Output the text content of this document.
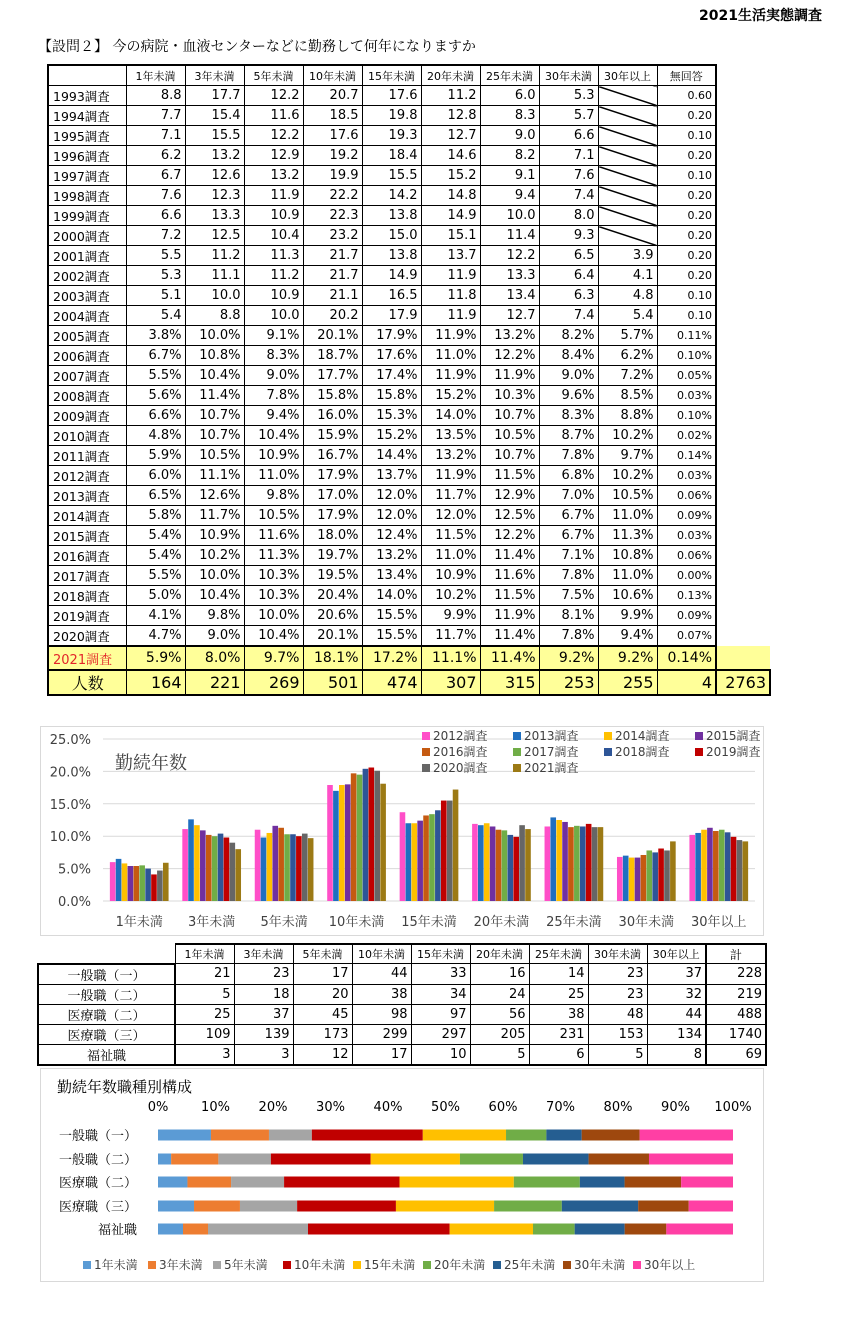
2021生活実態調査
【設問２】 今の病院・血液センターなどに勤務して何年になりますか
	1年未満	3年未満	5年未満	10年未満	15年未満	20年未満	25年未満	30年未満	30年以上	無回答	
1993調査	8.8	17.7	12.2	20.7	17.6	11.2	6.0	5.3		0.60	
1994調査	7.7	15.4	11.6	18.5	19.8	12.8	8.3	5.7		0.20	
1995調査	7.1	15.5	12.2	17.6	19.3	12.7	9.0	6.6		0.10	
1996調査	6.2	13.2	12.9	19.2	18.4	14.6	8.2	7.1		0.20	
1997調査	6.7	12.6	13.2	19.9	15.5	15.2	9.1	7.6		0.10	
1998調査	7.6	12.3	11.9	22.2	14.2	14.8	9.4	7.4		0.20	
1999調査	6.6	13.3	10.9	22.3	13.8	14.9	10.0	8.0		0.20	
2000調査	7.2	12.5	10.4	23.2	15.0	15.1	11.4	9.3		0.20	
2001調査	5.5	11.2	11.3	21.7	13.8	13.7	12.2	6.5	3.9	0.20	
2002調査	5.3	11.1	11.2	21.7	14.9	11.9	13.3	6.4	4.1	0.20	
2003調査	5.1	10.0	10.9	21.1	16.5	11.8	13.4	6.3	4.8	0.10	
2004調査	5.4	8.8	10.0	20.2	17.9	11.9	12.7	7.4	5.4	0.10	
2005調査	3.8%	10.0%	9.1%	20.1%	17.9%	11.9%	13.2%	8.2%	5.7%	0.11%	
2006調査	6.7%	10.8%	8.3%	18.7%	17.6%	11.0%	12.2%	8.4%	6.2%	0.10%	
2007調査	5.5%	10.4%	9.0%	17.7%	17.4%	11.9%	11.9%	9.0%	7.2%	0.05%	
2008調査	5.6%	11.4%	7.8%	15.8%	15.8%	15.2%	10.3%	9.6%	8.5%	0.03%	
2009調査	6.6%	10.7%	9.4%	16.0%	15.3%	14.0%	10.7%	8.3%	8.8%	0.10%	
2010調査	4.8%	10.7%	10.4%	15.9%	15.2%	13.5%	10.5%	8.7%	10.2%	0.02%	
2011調査	5.9%	10.5%	10.9%	16.7%	14.4%	13.2%	10.7%	7.8%	9.7%	0.14%	
2012調査	6.0%	11.1%	11.0%	17.9%	13.7%	11.9%	11.5%	6.8%	10.2%	0.03%	
2013調査	6.5%	12.6%	9.8%	17.0%	12.0%	11.7%	12.9%	7.0%	10.5%	0.06%	
2014調査	5.8%	11.7%	10.5%	17.9%	12.0%	12.0%	12.5%	6.7%	11.0%	0.09%	
2015調査	5.4%	10.9%	11.6%	18.0%	12.4%	11.5%	12.2%	6.7%	11.3%	0.03%	
2016調査	5.4%	10.2%	11.3%	19.7%	13.2%	11.0%	11.4%	7.1%	10.8%	0.06%	
2017調査	5.5%	10.0%	10.3%	19.5%	13.4%	10.9%	11.6%	7.8%	11.0%	0.00%	
2018調査	5.0%	10.4%	10.3%	20.4%	14.0%	10.2%	11.5%	7.5%	10.6%	0.13%	
2019調査	4.1%	9.8%	10.0%	20.6%	15.5%	9.9%	11.9%	8.1%	9.9%	0.09%	
2020調査	4.7%	9.0%	10.4%	20.1%	15.5%	11.7%	11.4%	7.8%	9.4%	0.07%	
2021調査	5.9%	8.0%	9.7%	18.1%	17.2%	11.1%	11.4%	9.2%	9.2%	0.14%	
人数	164	221	269	501	474	307	315	253	255	4	2763
0.0%
5.0%
10.0%
15.0%
20.0%
25.0%
1年未満 3年未満 5年未満 10年未満 15年未満 20年未満 25年未満 30年未満 30年以上
勤続年数
2012調査	2013調査	2014調査	2015調査
2016調査	2017調査	2018調査	2019調査
2020調査	2021調査
	1年未満	3年未満	5年未満	10年未満	15年未満	20年未満	25年未満	30年未満	30年以上	計
一般職（一）	21	23	17	44	33	16	14	23	37	228
一般職（二）	5	18	20	38	34	24	25	23	32	219
医療職（二）	25	37	45	98	97	56	38	48	44	488
医療職（三）	109	139	173	299	297	205	231	153	134	1740
福祉職	3	3	12	17	10	5	6	5	8	69
勤続年数職種別構成
0%	10% 20% 30% 40% 50% 60% 70% 80% 90% 100%
一般職（一）
一般職（二）
医療職（二）
医療職（三）
福祉職
1年未満 3年未満 5年未満 10年未満 15年未満 20年未満 25年未満 30年未満 30年以上
